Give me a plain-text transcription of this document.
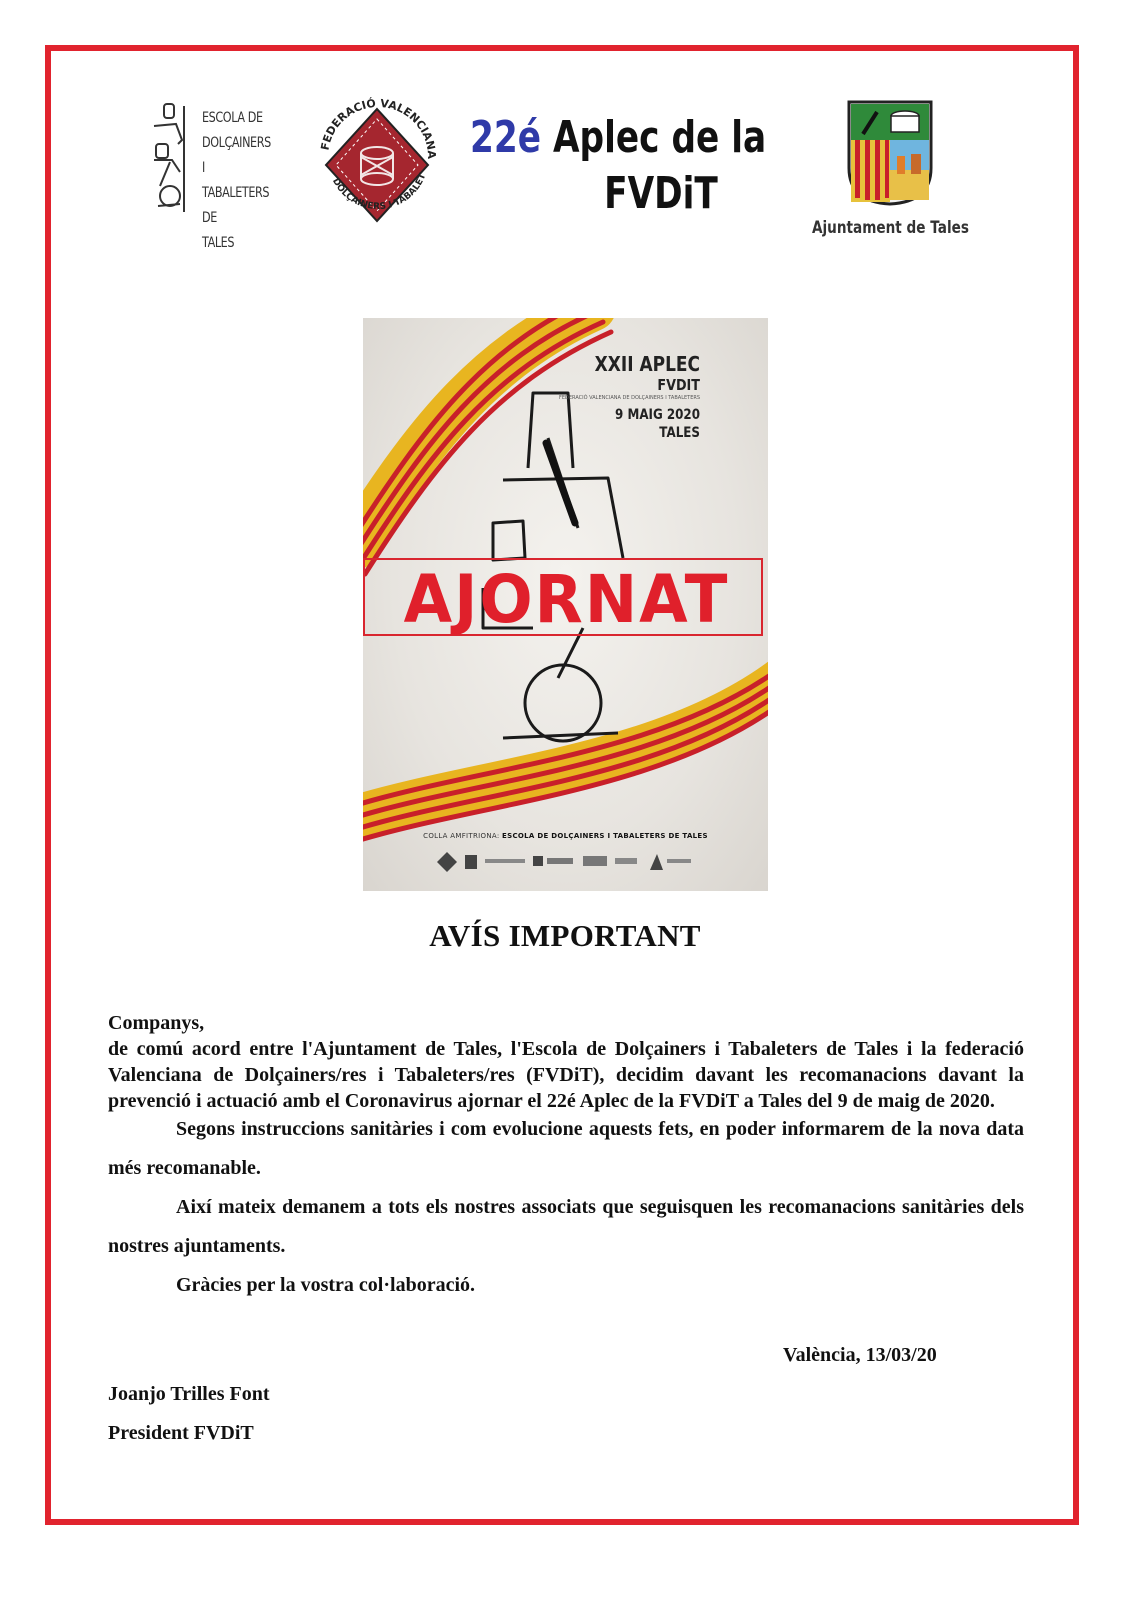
ESCOLA DE
DOLÇAINERS I
TABALETERS DE
TALES
FEDERACIÓ VALENCIANA
DOLÇAINERS I TABALET
22é Aplec de la
FVDiT
Ajuntament de Tales
XXII APLEC
FVDIT
FEDERACIÓ VALENCIANA DE DOLÇAINERS I TABALETERS
9 MAIG 2020
TALES
AJORNAT
COLLA AMFITRIONA: ESCOLA DE DOLÇAINERS I TABALETERS DE TALES
AVÍS IMPORTANT

Companys,

de comú acord entre l'Ajuntament de Tales, l'Escola de Dolçainers i Tabaleters de Tales i la federació Valenciana de Dolçainers/res i Tabaleters/res (FVDiT), decidim davant les recomanacions davant la prevenció i actuació amb el Coronavirus ajornar el 22é Aplec de la FVDiT a Tales del 9 de maig de 2020.

Segons instruccions sanitàries i com evolucione aquests fets, en poder informarem de la nova data més recomanable.

Així mateix demanem a tots els nostres associats que seguisquen les recomanacions sanitàries dels nostres ajuntaments.

Gràcies per la vostra col·laboració.

València, 13/03/20
Joanjo Trilles Font
President FVDiT
